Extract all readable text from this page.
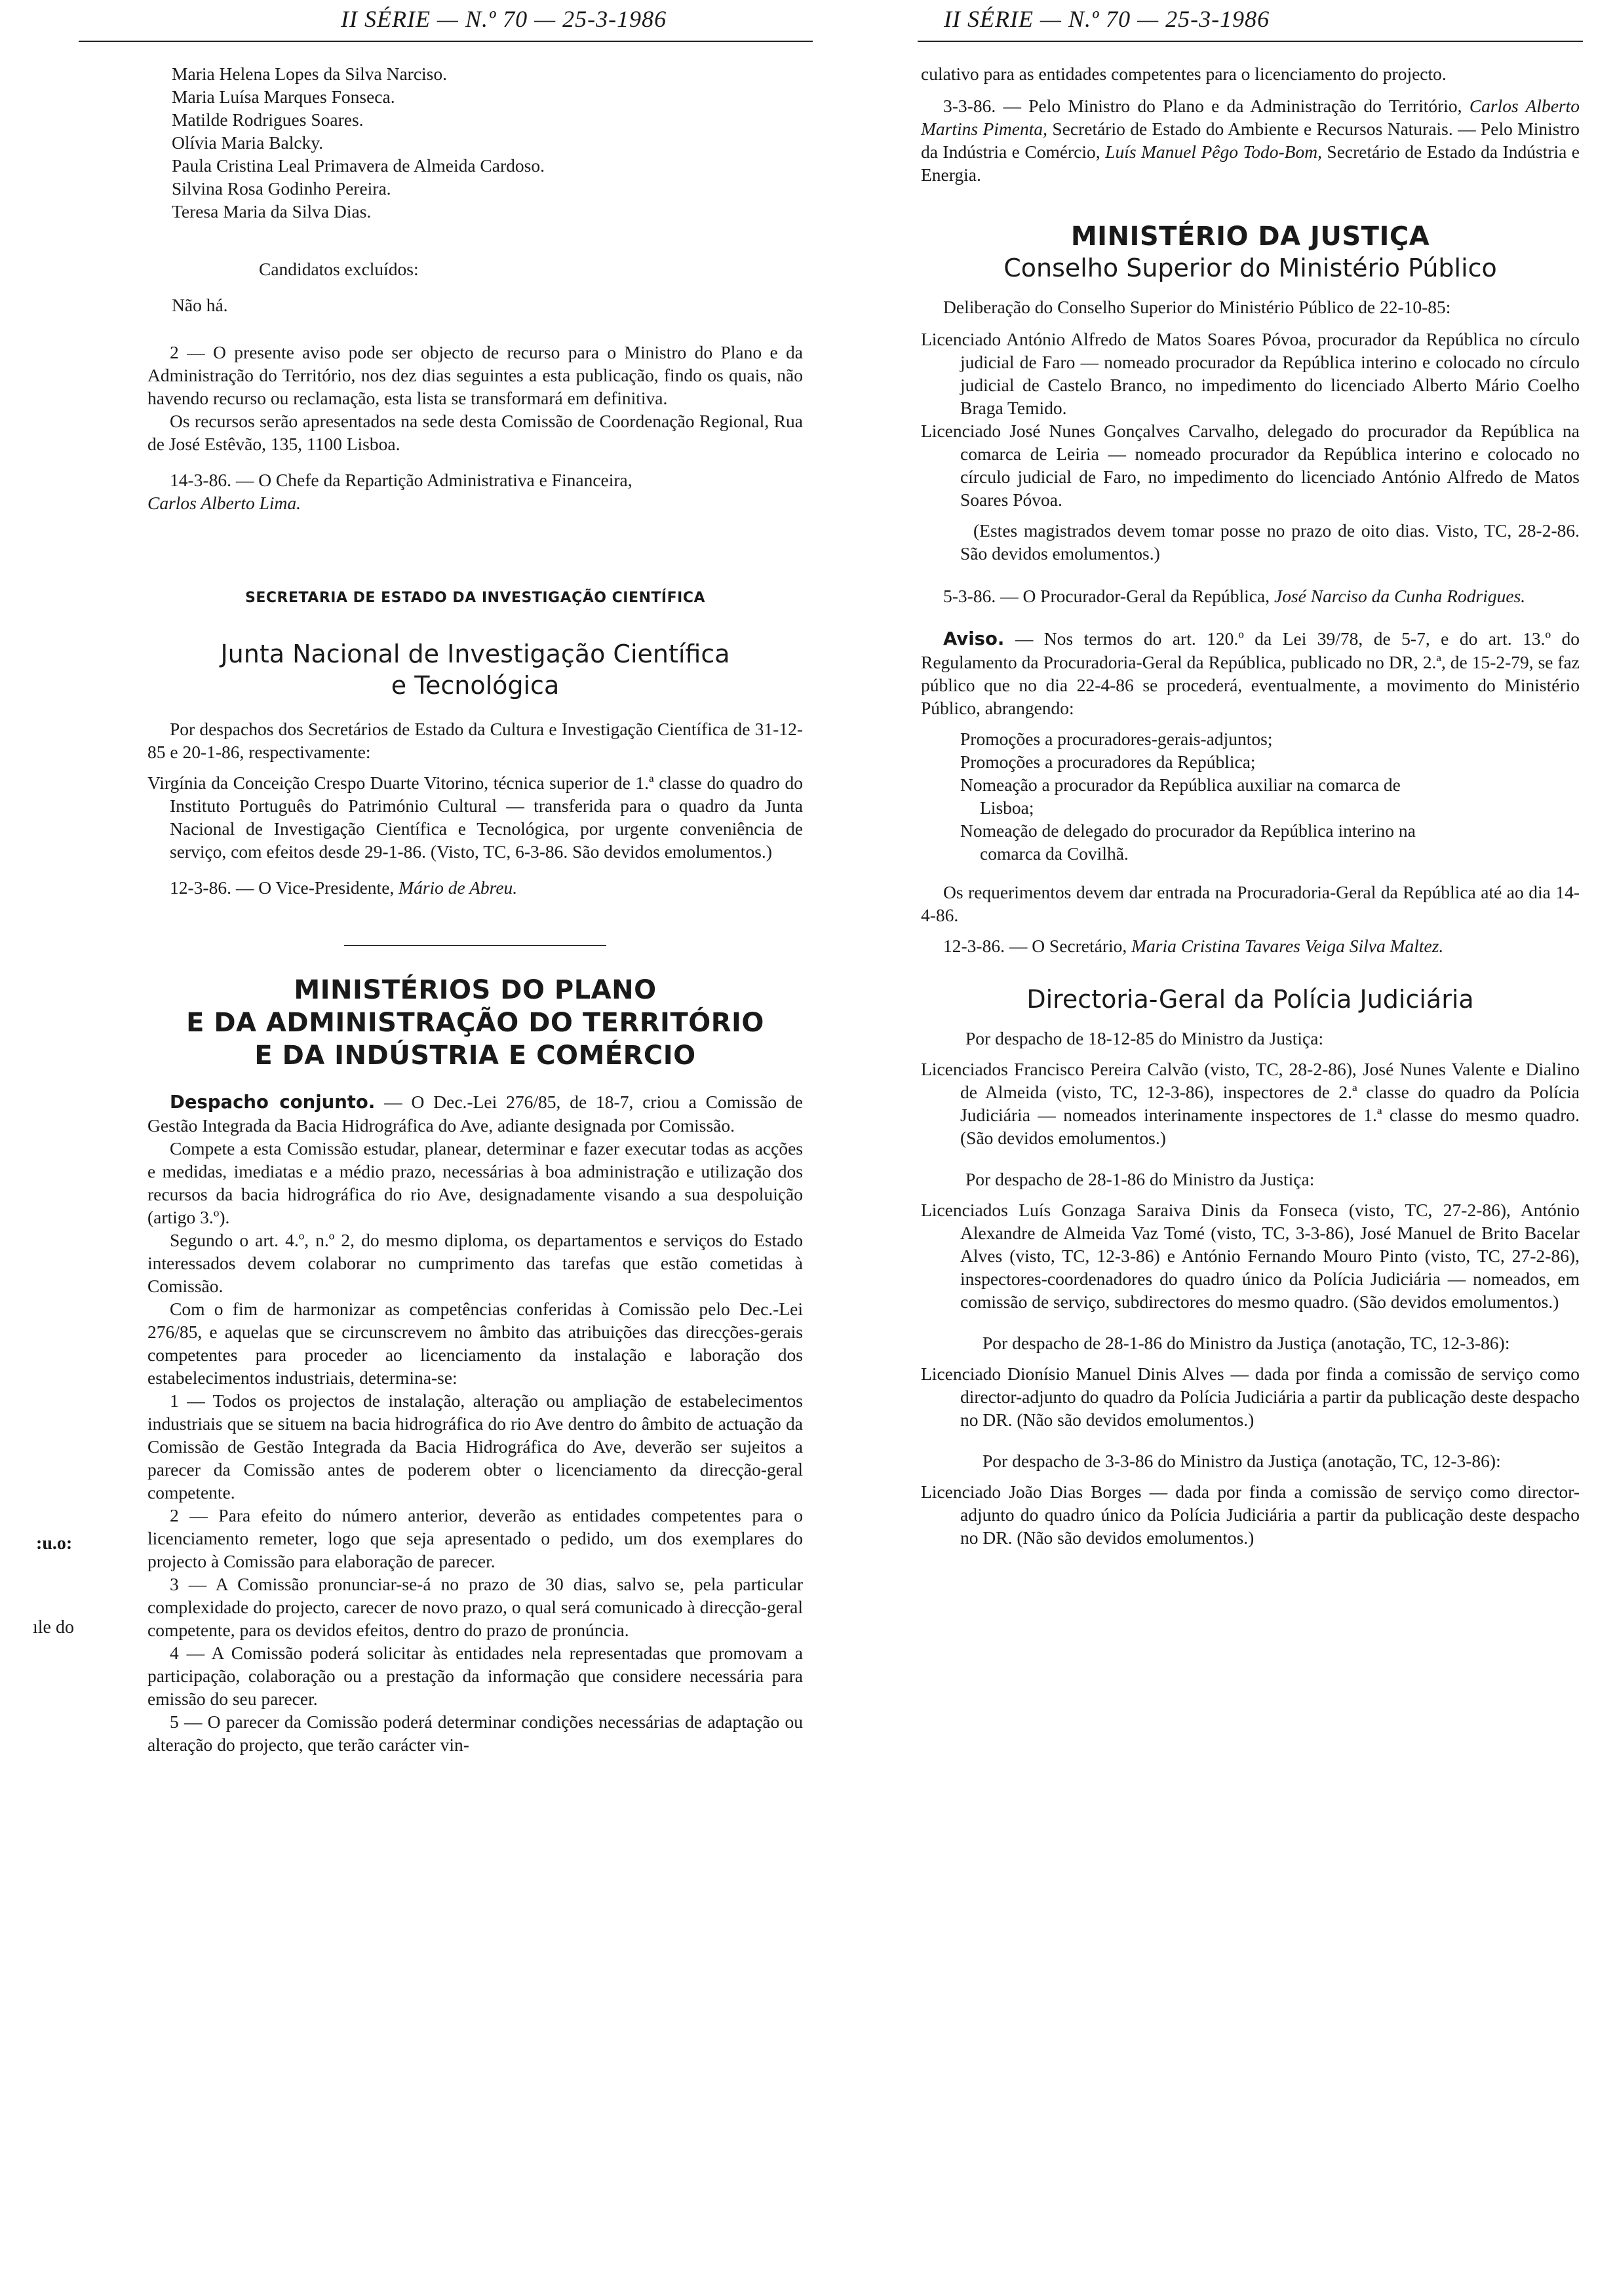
II SÉRIE — N.º 70 — 25-3-1986	II SÉRIE — N.º 70 — 25-3-1986
:u.o:
ıle do

Maria Helena Lopes da Silva Narciso.

Maria Luísa Marques Fonseca.

Matilde Rodrigues Soares.

Olívia Maria Balcky.

Paula Cristina Leal Primavera de Almeida Cardoso.

Silvina Rosa Godinho Pereira.

Teresa Maria da Silva Dias.

Candidatos excluídos:
Não há.

2 — O presente aviso pode ser objecto de recurso para o Ministro do Plano e da Administração do Território, nos dez dias seguintes a esta publicação, findo os quais, não havendo recurso ou reclamação, esta lista se transformará em definitiva.

Os recursos serão apresentados na sede desta Comissão de Coordenação Regional, Rua de José Estêvão, 135, 1100 Lisboa.

14-3-86. — O Chefe da Repartição Administrativa e Financeira,

Carlos Alberto Lima.

SECRETARIA DE ESTADO DA INVESTIGAÇÃO CIENTÍFICA

Junta Nacional de Investigação Científica

e Tecnológica

Por despachos dos Secretários de Estado da Cultura e Investigação Científica de 31-12-85 e 20-1-86, respectivamente:

Virgínia da Conceição Crespo Duarte Vitorino, técnica superior de 1.ª classe do quadro do Instituto Português do Património Cultural — transferida para o quadro da Junta Nacional de Investigação Científica e Tecnológica, por urgente conveniência de serviço, com efeitos desde 29-1-86. (Visto, TC, 6-3-86. São devidos emolumentos.)

12-3-86. — O Vice-Presidente, Mário de Abreu.

MINISTÉRIOS DO PLANO

E DA ADMINISTRAÇÃO DO TERRITÓRIO

E DA INDÚSTRIA E COMÉRCIO

Despacho conjunto. — O Dec.-Lei 276/85, de 18-7, criou a Comissão de Gestão Integrada da Bacia Hidrográfica do Ave, adiante designada por Comissão.

Compete a esta Comissão estudar, planear, determinar e fazer executar todas as acções e medidas, imediatas e a médio prazo, necessárias à boa administração e utilização dos recursos da bacia hidrográfica do rio Ave, designadamente visando a sua despoluição (artigo 3.º).

Segundo o art. 4.º, n.º 2, do mesmo diploma, os departamentos e serviços do Estado interessados devem colaborar no cumprimento das tarefas que estão cometidas à Comissão.

Com o fim de harmonizar as competências conferidas à Comissão pelo Dec.-Lei 276/85, e aquelas que se circunscrevem no âmbito das atribuições das direcções-gerais competentes para proceder ao licenciamento da instalação e laboração dos estabelecimentos industriais, determina-se:

1 — Todos os projectos de instalação, alteração ou ampliação de estabelecimentos industriais que se situem na bacia hidrográfica do rio Ave dentro do âmbito de actuação da Comissão de Gestão Integrada da Bacia Hidrográfica do Ave, deverão ser sujeitos a parecer da Comissão antes de poderem obter o licenciamento da direcção-geral competente.

2 — Para efeito do número anterior, deverão as entidades competentes para o licenciamento remeter, logo que seja apresentado o pedido, um dos exemplares do projecto à Comissão para elaboração de parecer.

3 — A Comissão pronunciar-se-á no prazo de 30 dias, salvo se, pela particular complexidade do projecto, carecer de novo prazo, o qual será comunicado à direcção-geral competente, para os devidos efeitos, dentro do prazo de pronúncia.

4 — A Comissão poderá solicitar às entidades nela representadas que promovam a participação, colaboração ou a prestação da informação que considere necessária para emissão do seu parecer.

5 — O parecer da Comissão poderá determinar condições necessárias de adaptação ou alteração do projecto, que terão carácter vin-

culativo para as entidades competentes para o licenciamento do projecto.

3-3-86. — Pelo Ministro do Plano e da Administração do Território, Carlos Alberto Martins Pimenta, Secretário de Estado do Ambiente e Recursos Naturais. — Pelo Ministro da Indústria e Comércio, Luís Manuel Pêgo Todo-Bom, Secretário de Estado da Indústria e Energia.

MINISTÉRIO DA JUSTIÇA

Conselho Superior do Ministério Público

Deliberação do Conselho Superior do Ministério Público de 22-10-85:

Licenciado António Alfredo de Matos Soares Póvoa, procurador da República no círculo judicial de Faro — nomeado procurador da República interino e colocado no círculo judicial de Castelo Branco, no impedimento do licenciado Alberto Mário Coelho Braga Temido.

Licenciado José Nunes Gonçalves Carvalho, delegado do procurador da República na comarca de Leiria — nomeado procurador da República interino e colocado no círculo judicial de Faro, no impedimento do licenciado António Alfredo de Matos Soares Póvoa.

(Estes magistrados devem tomar posse no prazo de oito dias. Visto, TC, 28-2-86. São devidos emolumentos.)

5-3-86. — O Procurador-Geral da República, José Narciso da Cunha Rodrigues.

Aviso. — Nos termos do art. 120.º da Lei 39/78, de 5-7, e do art. 13.º do Regulamento da Procuradoria-Geral da República, publicado no DR, 2.ª, de 15-2-79, se faz público que no dia 22-4-86 se procederá, eventualmente, a movimento do Ministério Público, abrangendo:

Promoções a procuradores-gerais-adjuntos;

Promoções a procuradores da República;

Nomeação a procurador da República auxiliar na comarca de

Lisboa;

Nomeação de delegado do procurador da República interino na

comarca da Covilhã.

Os requerimentos devem dar entrada na Procuradoria-Geral da República até ao dia 14-4-86.

12-3-86. — O Secretário, Maria Cristina Tavares Veiga Silva Maltez.

Directoria-Geral da Polícia Judiciária

Por despacho de 18-12-85 do Ministro da Justiça:

Licenciados Francisco Pereira Calvão (visto, TC, 28-2-86), José Nunes Valente e Dialino de Almeida (visto, TC, 12-3-86), inspectores de 2.ª classe do quadro da Polícia Judiciária — nomeados interinamente inspectores de 1.ª classe do mesmo quadro. (São devidos emolumentos.)

Por despacho de 28-1-86 do Ministro da Justiça:

Licenciados Luís Gonzaga Saraiva Dinis da Fonseca (visto, TC, 27-2-86), António Alexandre de Almeida Vaz Tomé (visto, TC, 3-3-86), José Manuel de Brito Bacelar Alves (visto, TC, 12-3-86) e António Fernando Mouro Pinto (visto, TC, 27-2-86), inspectores-coordenadores do quadro único da Polícia Judiciária — nomeados, em comissão de serviço, subdirectores do mesmo quadro. (São devidos emolumentos.)

Por despacho de 28-1-86 do Ministro da Justiça (anotação, TC, 12-3-86):

Licenciado Dionísio Manuel Dinis Alves — dada por finda a comissão de serviço como director-adjunto do quadro da Polícia Judiciária a partir da publicação deste despacho no DR. (Não são devidos emolumentos.)

Por despacho de 3-3-86 do Ministro da Justiça (anotação, TC, 12-3-86):

Licenciado João Dias Borges — dada por finda a comissão de serviço como director-adjunto do quadro único da Polícia Judiciária a partir da publicação deste despacho no DR. (Não são devidos emolumentos.)
